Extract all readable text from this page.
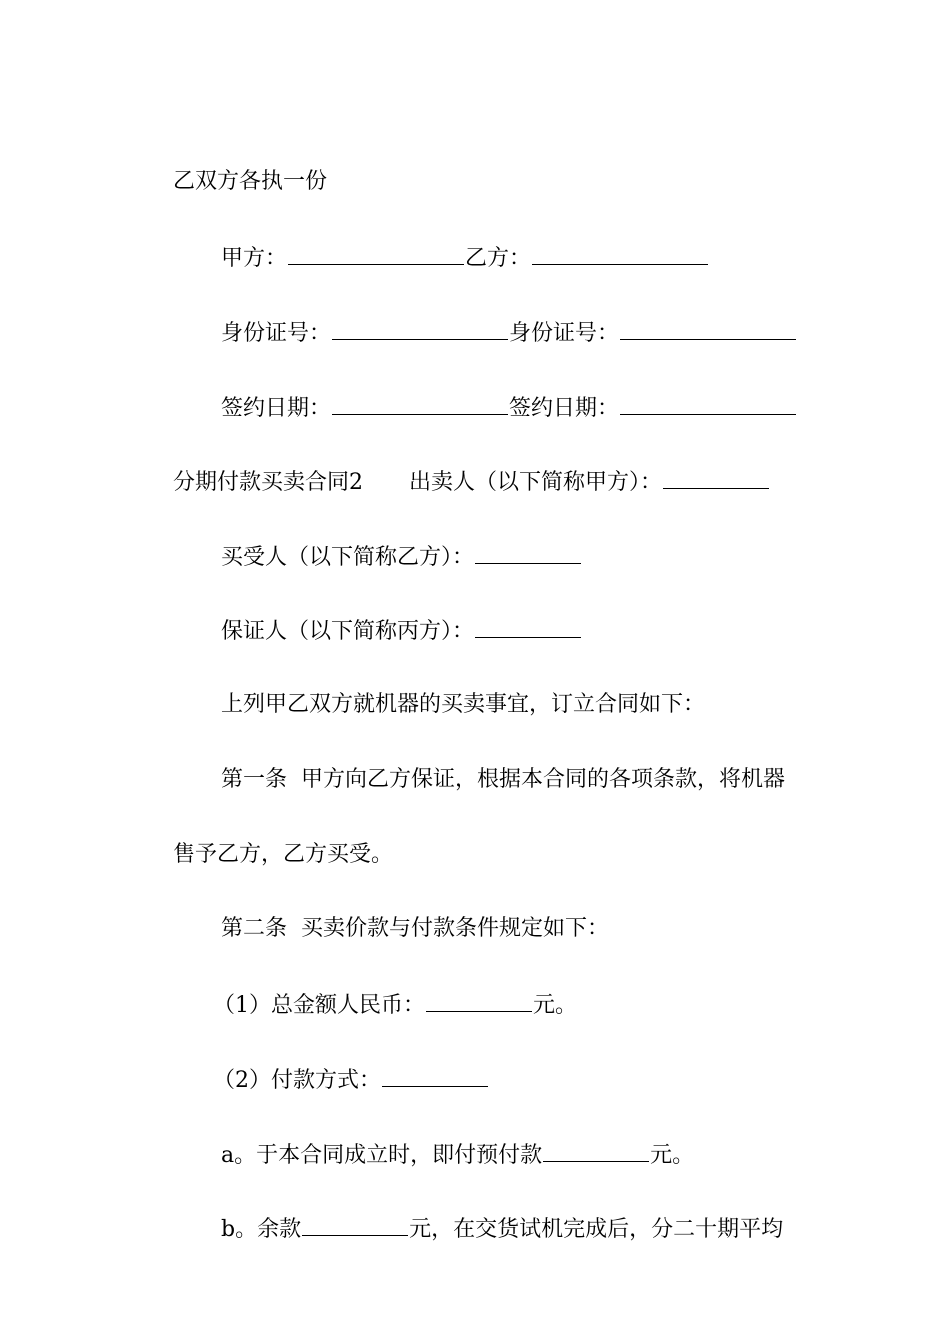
乙双方各执一份

甲方：	乙方：

身份证号：	身份证号：

签约日期：	签约日期：

分期付款买卖合同2 出卖人（以下简称甲方）：

买受人（以下简称乙方）：

保证人（以下简称丙方）：

上列甲乙双方就机器的买卖事宜，订立合同如下：

第一条  甲方向乙方保证，根据本合同的各项条款，将机器

售予乙方，乙方买受。

第二条  买卖价款与付款条件规定如下：

（1）总金额人民币：	元。

（2）付款方式：

a。于本合同成立时，即付预付款	元。

b。余款	元，在交货试机完成后，分二十期平均
